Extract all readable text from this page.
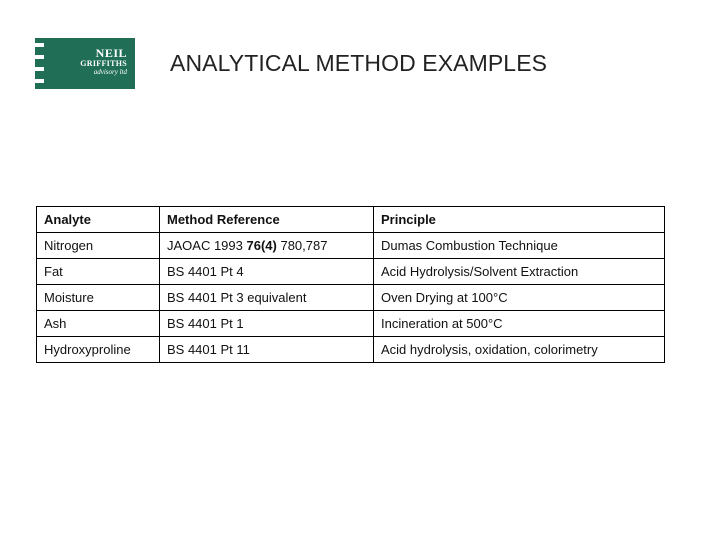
NEIL
GRIFFITHS
advisory ltd ANALYTICAL METHOD EXAMPLES
Analyte	Method Reference	Principle
Nitrogen	JAOAC 1993 76(4) 780,787	Dumas Combustion Technique
Fat	BS 4401 Pt 4	Acid Hydrolysis/Solvent Extraction
Moisture	BS 4401 Pt 3 equivalent	Oven Drying at 100°C
Ash	BS 4401 Pt 1	Incineration at 500°C
Hydroxyproline	BS 4401 Pt 11	Acid hydrolysis, oxidation, colorimetry
